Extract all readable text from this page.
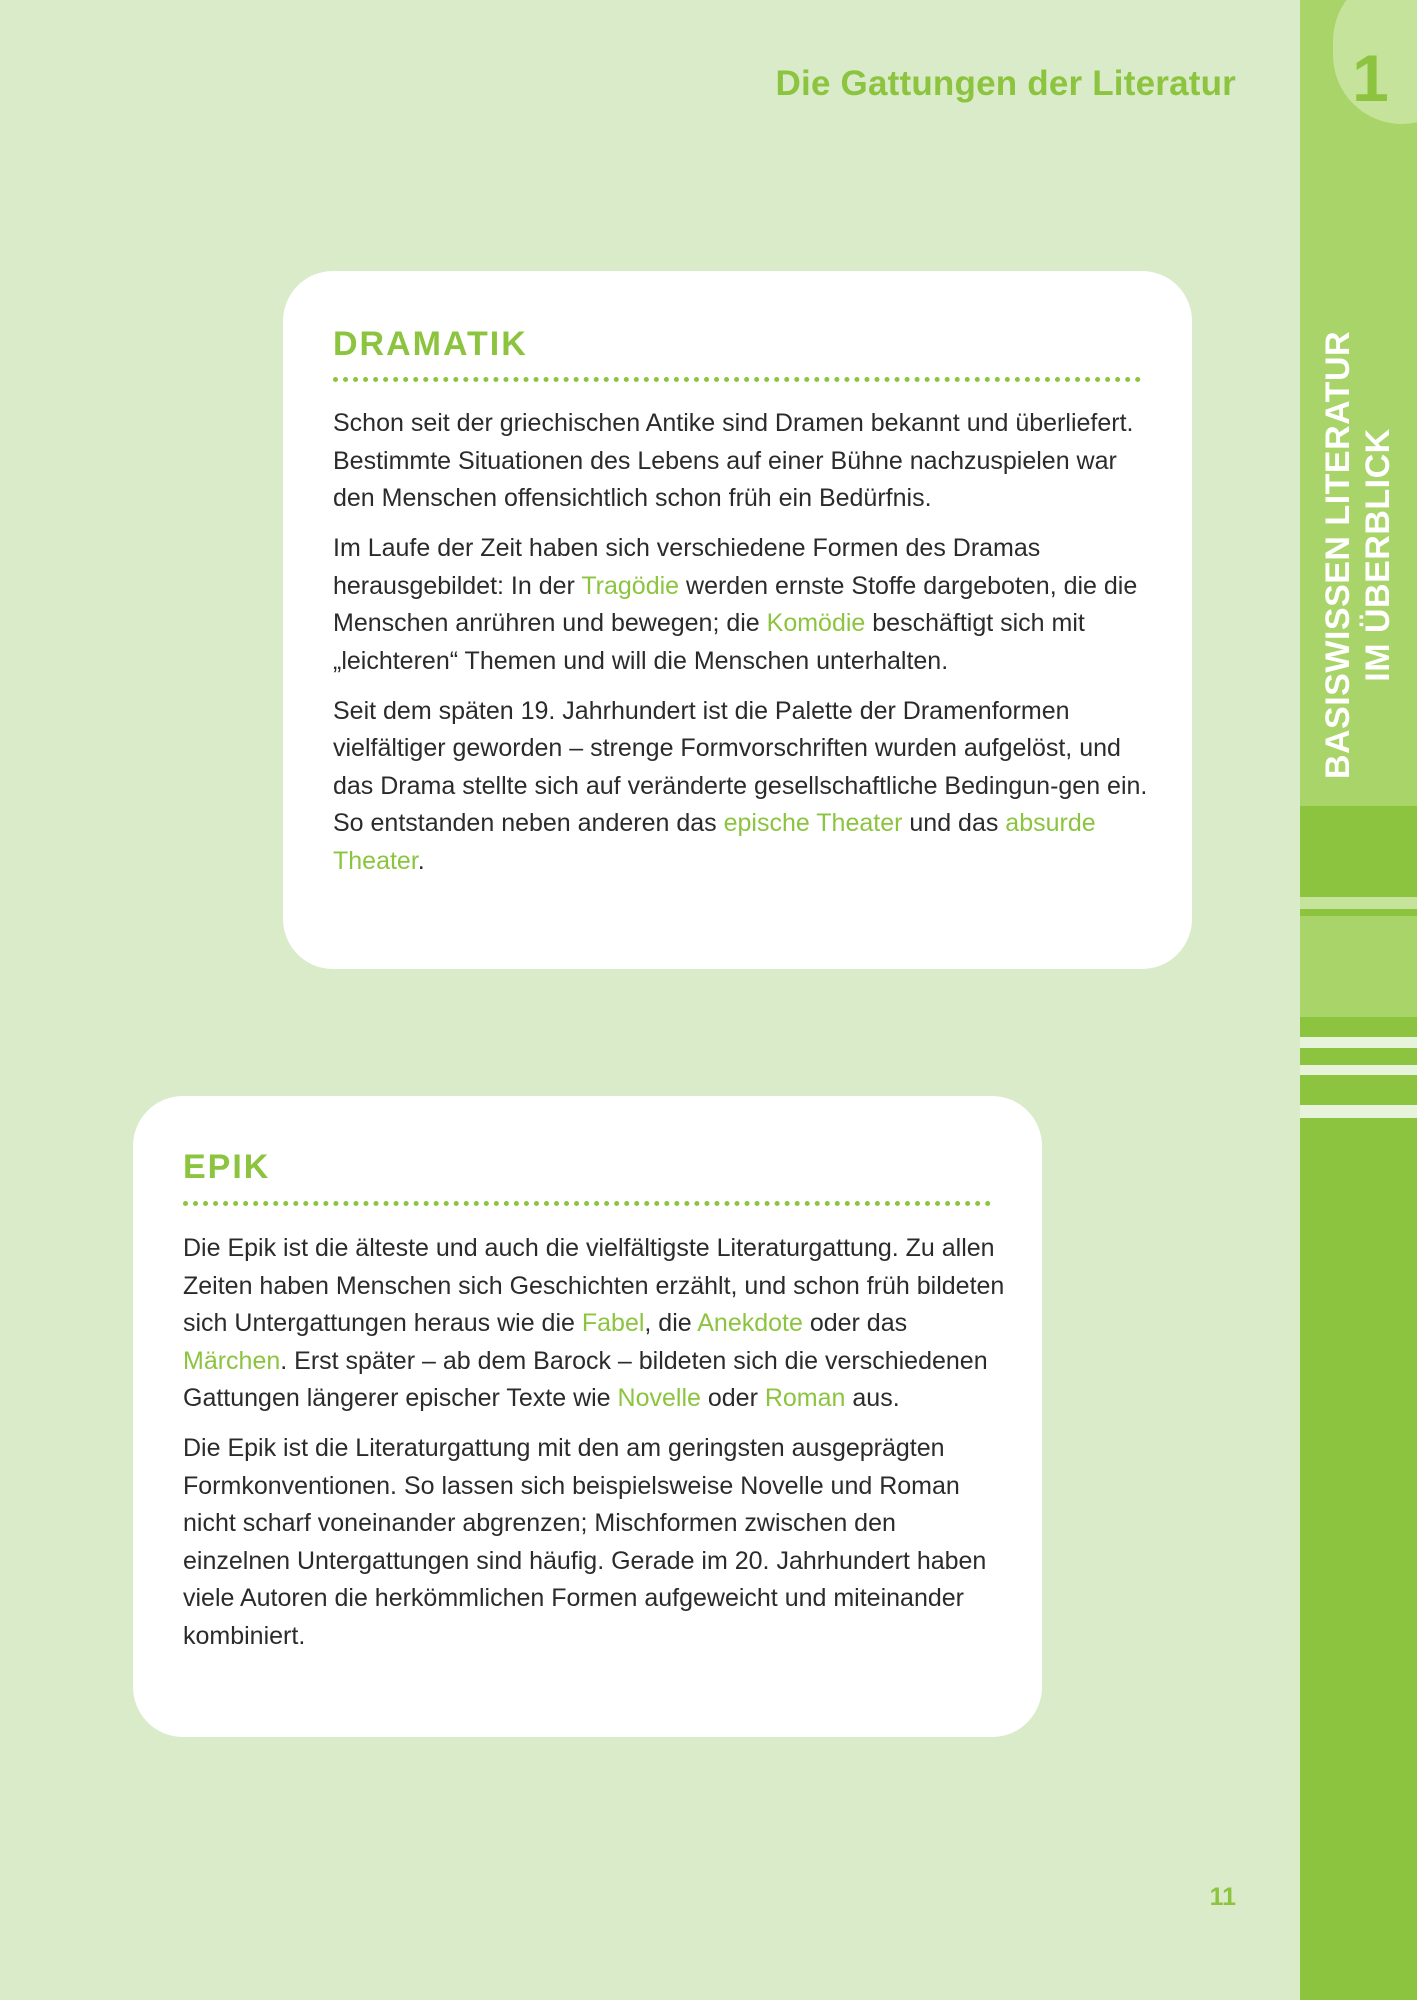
Die Gattungen der Literatur	1
BASISWISSEN LITERATUR IM ÜBERBLICK
DRAMATIK

Schon seit der griechischen Antike sind Dramen bekannt und überliefert. Bestimmte Situationen des Lebens auf einer Bühne nachzuspielen war den Menschen offensichtlich schon früh ein Bedürfnis.

Im Laufe der Zeit haben sich verschiedene Formen des Dramas herausgebildet: In der Tragödie werden ernste Stoffe dargeboten, die die Menschen anrühren und bewegen; die Komödie beschäftigt sich mit „leichteren“ Themen und will die Menschen unterhalten.

Seit dem späten 19. Jahrhundert ist die Palette der Dramenformen vielfältiger geworden – strenge Formvorschriften wurden aufgelöst, und das Drama stellte sich auf veränderte gesellschaftliche Bedingun-gen ein. So entstanden neben anderen das epische Theater und das absurde Theater.

EPIK

Die Epik ist die älteste und auch die vielfältigste Literaturgattung. Zu allen Zeiten haben Menschen sich Geschichten erzählt, und schon früh bildeten sich Untergattungen heraus wie die Fabel, die Anekdote oder das Märchen. Erst später – ab dem Barock – bildeten sich die verschiedenen Gattungen längerer epischer Texte wie Novelle oder Roman aus.

Die Epik ist die Literaturgattung mit den am geringsten ausgeprägten Formkonventionen. So lassen sich beispielsweise Novelle und Roman nicht scharf voneinander abgrenzen; Mischformen zwischen den einzelnen Untergattungen sind häufig. Gerade im 20. Jahrhundert haben viele Autoren die herkömmlichen Formen aufgeweicht und miteinander kombiniert.

11
